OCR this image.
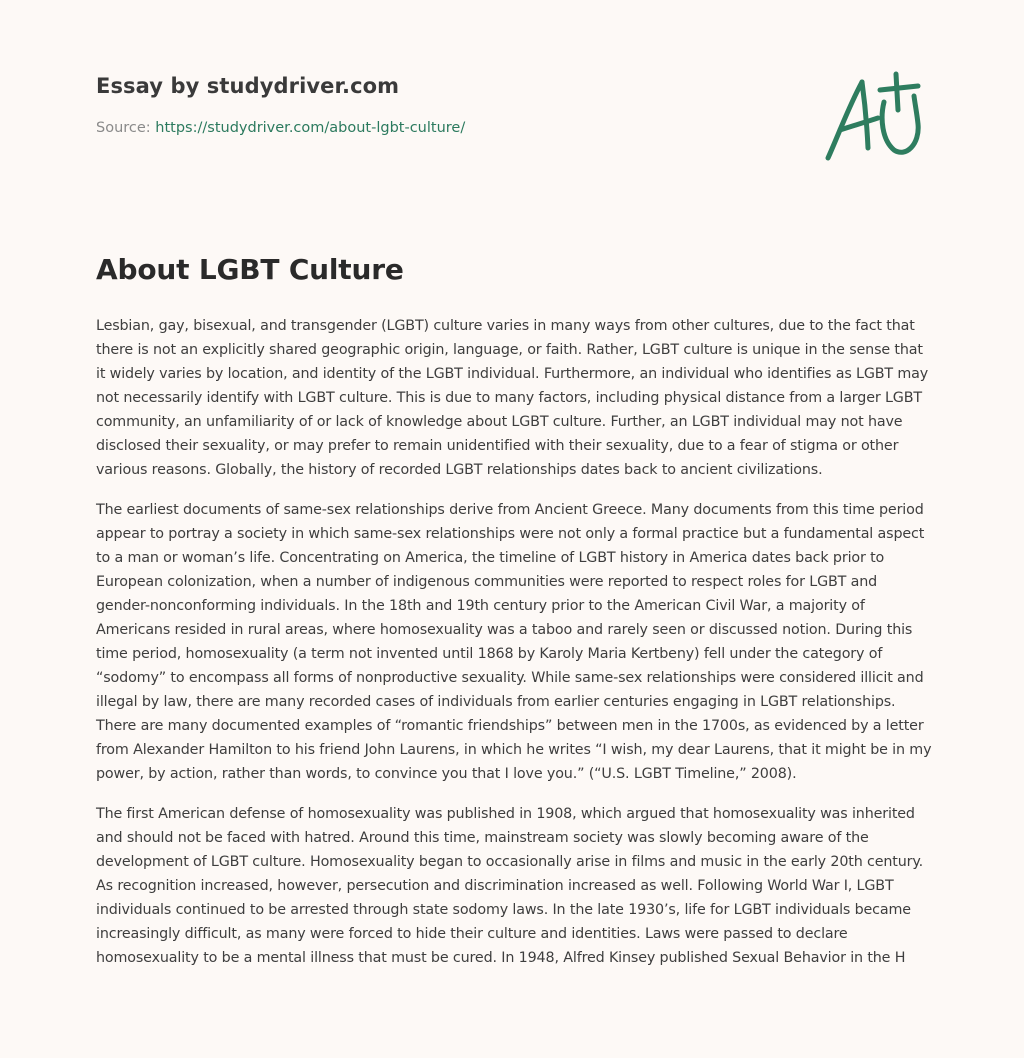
Essay by studydriver.com

Source: https://studydriver.com/about-lgbt-culture/
About LGBT Culture

Lesbian, gay, bisexual, and transgender (LGBT) culture varies in many ways from other cultures, due to the fact that there is not an explicitly shared geographic origin, language, or faith. Rather, LGBT culture is unique in the sense that it widely varies by location, and identity of the LGBT individual. Furthermore, an individual who identifies as LGBT may not necessarily identify with LGBT culture. This is due to many factors, including physical distance from a larger LGBT community, an unfamiliarity of or lack of knowledge about LGBT culture. Further, an LGBT individual may not have disclosed their sexuality, or may prefer to remain unidentified with their sexuality, due to a fear of stigma or other various reasons. Globally, the history of recorded LGBT relationships dates back to ancient civilizations.

The earliest documents of same-sex relationships derive from Ancient Greece. Many documents from this time period appear to portray a society in which same-sex relationships were not only a formal practice but a fundamental aspect to a man or woman’s life. Concentrating on America, the timeline of LGBT history in America dates back prior to European colonization, when a number of indigenous communities were reported to respect roles for LGBT and gender-nonconforming individuals. In the 18th and 19th century prior to the American Civil War, a majority of Americans resided in rural areas, where homosexuality was a taboo and rarely seen or discussed notion. During this time period, homosexuality (a term not invented until 1868 by Karoly Maria Kertbeny) fell under the category of “sodomy” to encompass all forms of nonproductive sexuality. While same-sex relationships were considered illicit and illegal by law, there are many recorded cases of individuals from earlier centuries engaging in LGBT relationships. There are many documented examples of “romantic friendships” between men in the 1700s, as evidenced by a letter from Alexander Hamilton to his friend John Laurens, in which he writes “I wish, my dear Laurens, that it might be in my power, by action, rather than words, to convince you that I love you.” (“U.S. LGBT Timeline,” 2008).

The first American defense of homosexuality was published in 1908, which argued that homosexuality was inherited and should not be faced with hatred. Around this time, mainstream society was slowly becoming aware of the development of LGBT culture. Homosexuality began to occasionally arise in films and music in the early 20th century. As recognition increased, however, persecution and discrimination increased as well. Following World War I, LGBT individuals continued to be arrested through state sodomy laws. In the late 1930’s, life for LGBT individuals became increasingly difficult, as many were forced to hide their culture and identities. Laws were passed to declare homosexuality to be a mental illness that must be cured. In 1948, Alfred Kinsey published Sexual Behavior in the H
